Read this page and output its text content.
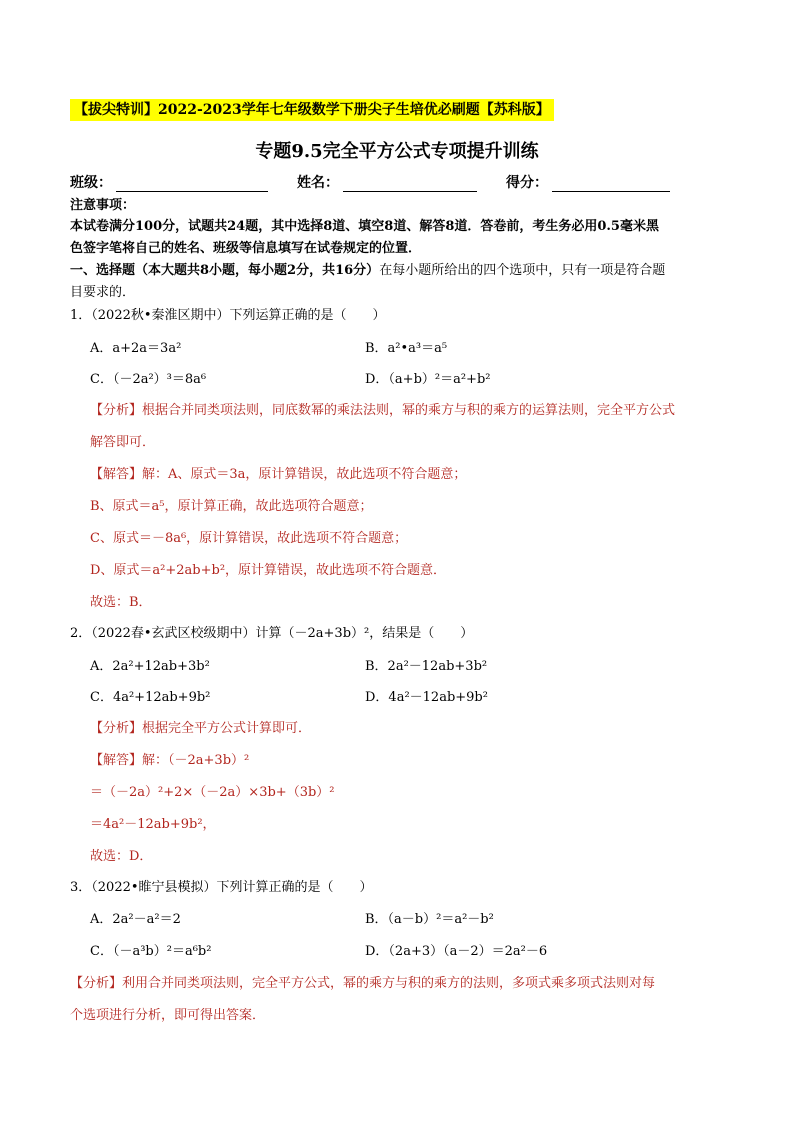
【拔尖特训】2022-2023学年七年级数学下册尖子生培优必刷题【苏科版】
专题9.5完全平方公式专项提升训练
班级：	姓名：	得分：
注意事项：
本试卷满分100分，试题共24题，其中选择8道、填空8道、解答8道．答卷前，考生务必用0.5毫米黑
色签字笔将自己的姓名、班级等信息填写在试卷规定的位置．
一、选择题（本大题共8小题，每小题2分，共16分）在每小题所给出的四个选项中，只有一项是符合题
目要求的．
1．（2022秋•秦淮区期中）下列运算正确的是（　　）
A．a+2a＝3a²	B．a²•a³＝a⁵
C．（－2a²）³＝8a⁶	D．（a+b）²＝a²+b²
【分析】根据合并同类项法则，同底数幂的乘法法则，幂的乘方与积的乘方的运算法则，完全平方公式
解答即可．
【解答】解：A、原式＝3a，原计算错误，故此选项不符合题意；
B、原式＝a⁵，原计算正确，故此选项符合题意；
C、原式＝－8a⁶，原计算错误，故此选项不符合题意；
D、原式＝a²+2ab+b²，原计算错误，故此选项不符合题意．
故选：B．
2．（2022春•玄武区校级期中）计算（－2a+3b）²，结果是（　　）
A．2a²+12ab+3b²	B．2a²－12ab+3b²
C．4a²+12ab+9b²	D．4a²－12ab+9b²
【分析】根据完全平方公式计算即可．
【解答】解：（－2a+3b）²
＝（－2a）²+2×（－2a）×3b+（3b）²
＝4a²－12ab+9b²，
故选：D．
3．（2022•睢宁县模拟）下列计算正确的是（　　）
A．2a²－a²＝2	B．（a－b）²＝a²－b²
C．（－a³b）²＝a⁶b²	D．（2a+3）（a－2）＝2a²－6
【分析】利用合并同类项法则，完全平方公式，幂的乘方与积的乘方的法则，多项式乘多项式法则对每
个选项进行分析，即可得出答案．
